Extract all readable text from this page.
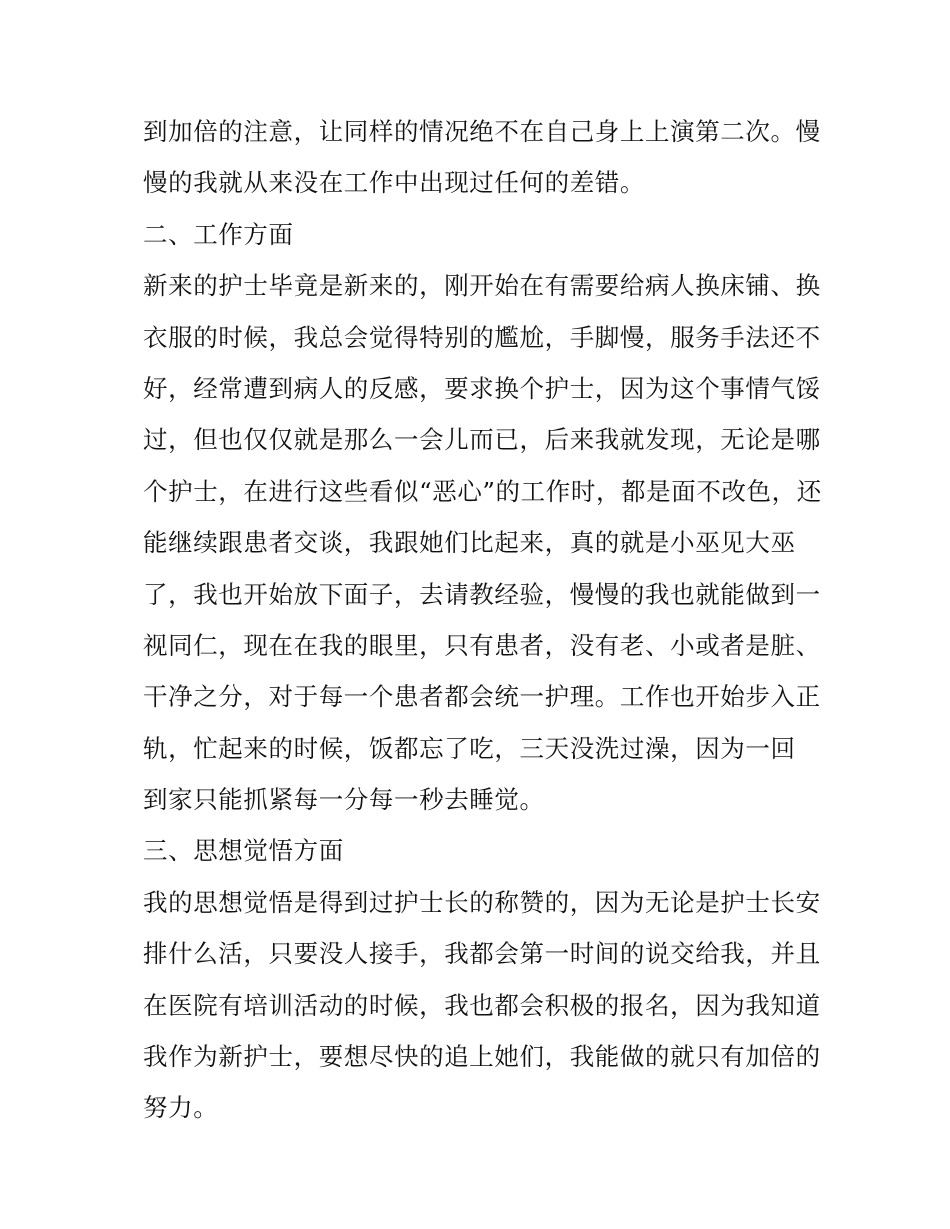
到加倍的注意，让同样的情况绝不在自己身上上演第二次。慢
慢的我就从来没在工作中出现过任何的差错。
二、工作方面
新来的护士毕竟是新来的，刚开始在有需要给病人换床铺、换
衣服的时候，我总会觉得特别的尷尬，手脚慢，服务手法还不
好，经常遭到病人的反感，要求换个护士，因为这个事情气馁
过，但也仅仅就是那么一会儿而已，后来我就发现，无论是哪
个护士，在进行这些看似“恶心”的工作时，都是面不改色，还
能继续跟患者交谈，我跟她们比起来，真的就是小巫见大巫
了，我也开始放下面子，去请教经验，慢慢的我也就能做到一
视同仁，现在在我的眼里，只有患者，没有老、小或者是脏、
干净之分，对于每一个患者都会统一护理。工作也开始步入正
轨，忙起来的时候，饭都忘了吃，三天没洗过澡，因为一回
到家只能抓紧每一分每一秒去睡觉。
三、思想觉悟方面
我的思想觉悟是得到过护士长的称赞的，因为无论是护士长安
排什么活，只要没人接手，我都会第一时间的说交给我，并且
在医院有培训活动的时候，我也都会积极的报名，因为我知道
我作为新护士，要想尽快的追上她们，我能做的就只有加倍的
努力。
